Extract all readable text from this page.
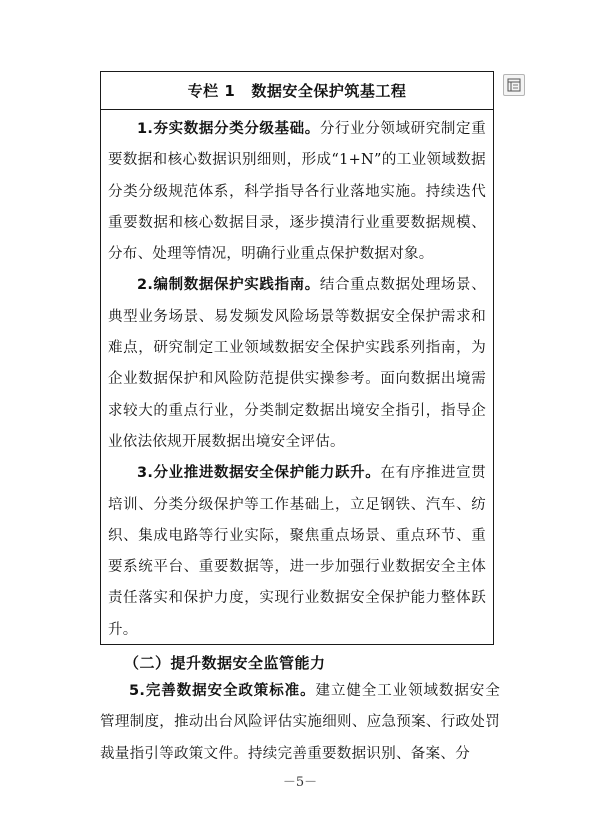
专栏 1 数据安全保护筑基工程

1.夯实数据分类分级基础。分行业分领域研究制定重要数据和核心数据识别细则，形成“1+N”的工业领域数据分类分级规范体系，科学指导各行业落地实施。持续迭代重要数据和核心数据目录，逐步摸清行业重要数据规模、分布、处理等情况，明确行业重点保护数据对象。

2.编制数据保护实践指南。结合重点数据处理场景、典型业务场景、易发频发风险场景等数据安全保护需求和难点，研究制定工业领域数据安全保护实践系列指南，为企业数据保护和风险防范提供实操参考。面向数据出境需求较大的重点行业，分类制定数据出境安全指引，指导企业依法依规开展数据出境安全评估。

3.分业推进数据安全保护能力跃升。在有序推进宣贯培训、分类分级保护等工作基础上，立足钢铁、汽车、纺织、集成电路等行业实际，聚焦重点场景、重点环节、重要系统平台、重要数据等，进一步加强行业数据安全主体责任落实和保护力度，实现行业数据安全保护能力整体跃升。

（二）提升数据安全监管能力

5.完善数据安全政策标准。建立健全工业领域数据安全管理制度，推动出台风险评估实施细则、应急预案、行政处罚裁量指引等政策文件。持续完善重要数据识别、备案、分

－5－
